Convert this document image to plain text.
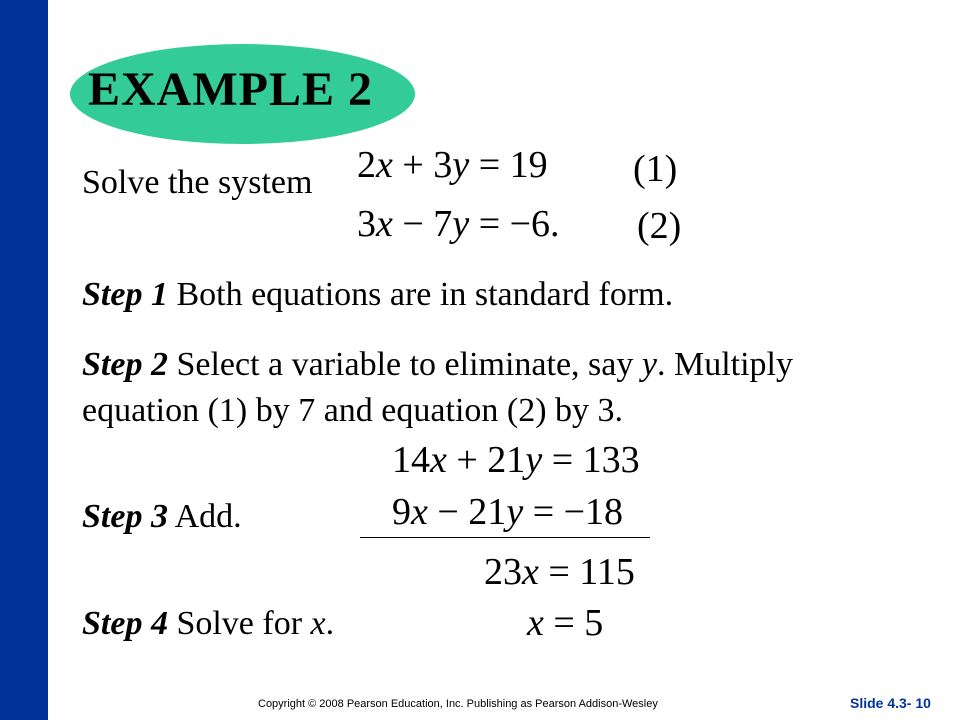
EXAMPLE 2
Solve the system 2x + 3y = 19 (1)
3x − 7y = −6. (2)
Step 1 Both equations are in standard form.
Step 2 Select a variable to eliminate, say y. Multiply
equation (1) by 7 and equation (2) by 3.
14x + 21y = 133
9x − 21y = −18
Step 3 Add.
23x = 115
Step 4 Solve for x.	x = 5
Copyright © 2008 Pearson Education, Inc. Publishing as Pearson Addison-Wesley	Slide 4.3- 10
